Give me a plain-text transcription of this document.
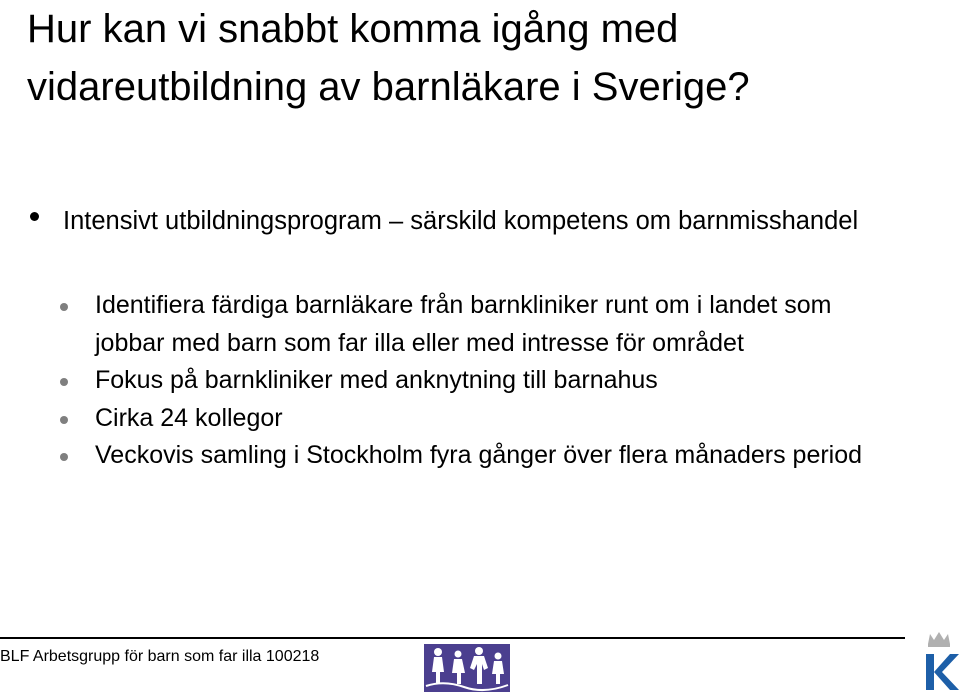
Hur kan vi snabbt komma igång med vidareutbildning av barnläkare i Sverige?
Intensivt utbildningsprogram – särskild kompetens om barnmisshandel
Identifiera färdiga barnläkare från barnkliniker runt om i landet som jobbar med barn som far illa eller med intresse för området
Fokus på barnkliniker med anknytning till barnahus
Cirka 24 kollegor
Veckovis samling i Stockholm fyra gånger över flera månaders period
BLF Arbetsgrupp för barn som far illa 100218
